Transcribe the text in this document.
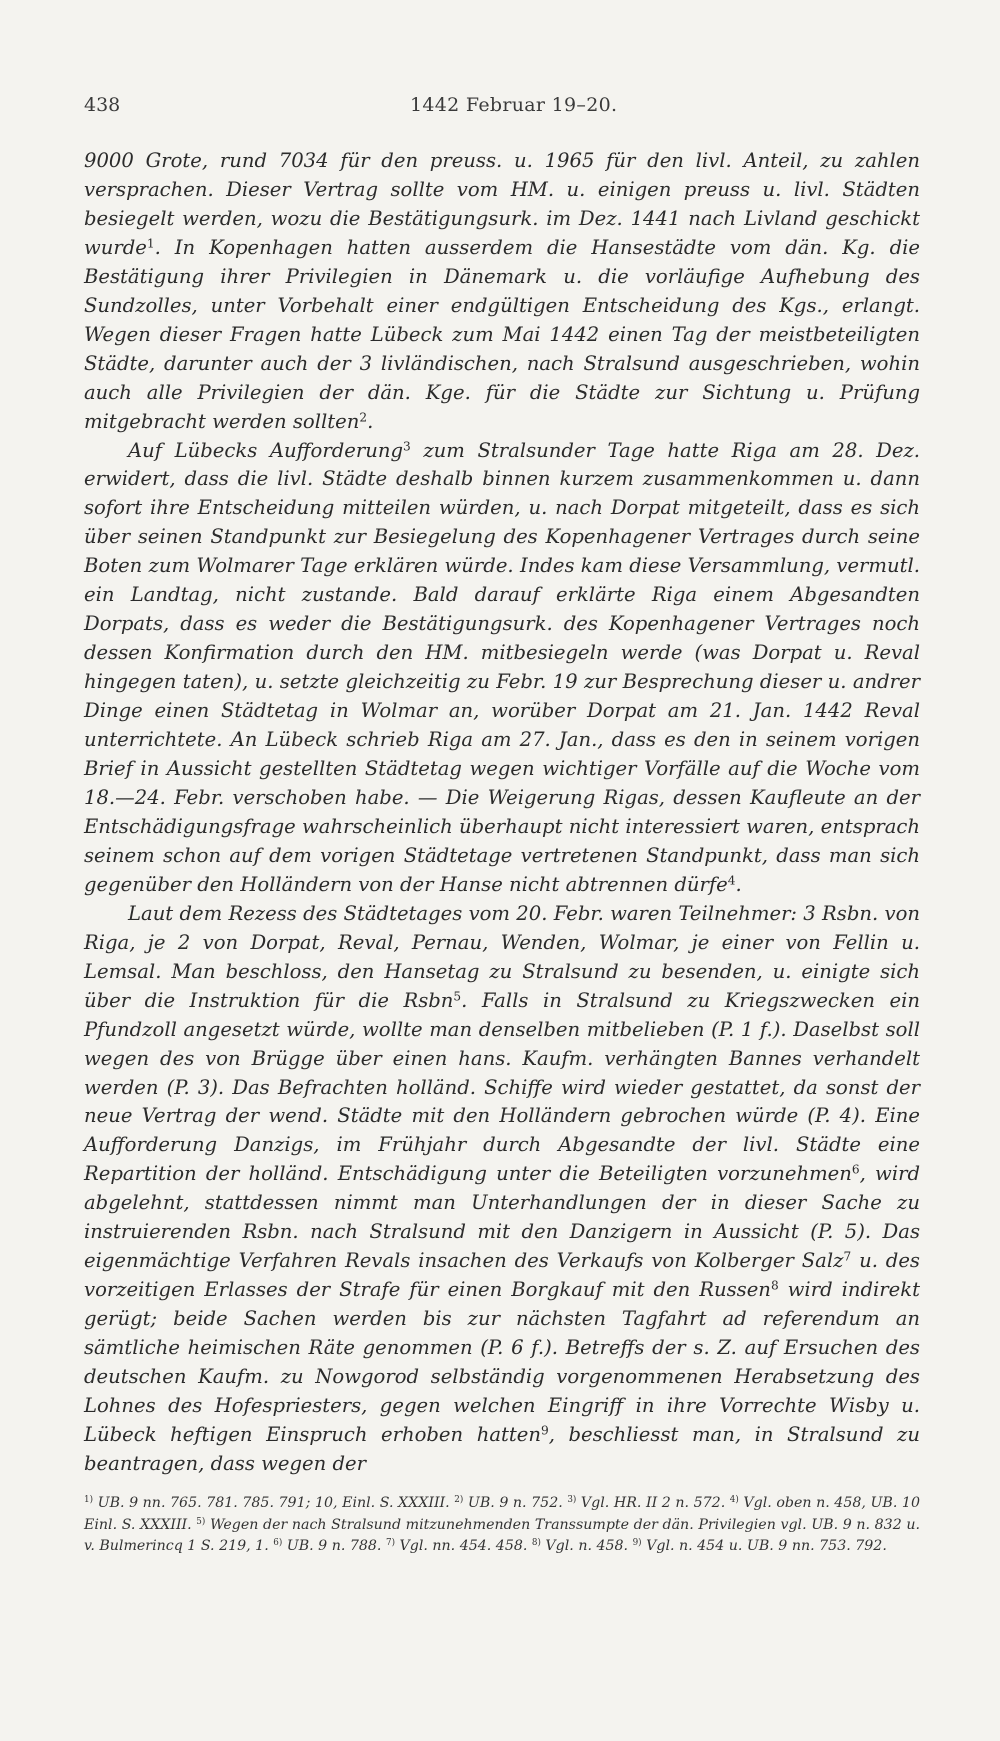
438	1442 Februar 19–20.

9000 Grote, rund 7034 für den preuss. u. 1965 für den livl. Anteil, zu zahlen versprachen. Dieser Vertrag sollte vom HM. u. einigen preuss u. livl. Städten besiegelt werden, wozu die Bestätigungsurk. im Dez. 1441 nach Livland geschickt wurde$^1$. In Kopenhagen hatten ausserdem die Hansestädte vom dän. Kg. die Bestätigung ihrer Privilegien in Dänemark u. die vorläufige Aufhebung des Sundzolles, unter Vorbehalt einer endgültigen Entscheidung des Kgs., erlangt. Wegen dieser Fragen hatte Lübeck zum Mai 1442 einen Tag der meistbeteiligten Städte, darunter auch der 3 livländischen, nach Stralsund ausgeschrieben, wohin auch alle Privilegien der dän. Kge. für die Städte zur Sichtung u. Prüfung mitgebracht werden sollten$^2$.

Auf Lübecks Aufforderung$^3$ zum Stralsunder Tage hatte Riga am 28. Dez. erwidert, dass die livl. Städte deshalb binnen kurzem zusammenkommen u. dann sofort ihre Entscheidung mitteilen würden, u. nach Dorpat mitgeteilt, dass es sich über seinen Standpunkt zur Besiegelung des Kopenhagener Vertrages durch seine Boten zum Wolmarer Tage erklären würde. Indes kam diese Versammlung, vermutl. ein Landtag, nicht zustande. Bald darauf erklärte Riga einem Abgesandten Dorpats, dass es weder die Bestätigungsurk. des Kopenhagener Vertrages noch dessen Konfirmation durch den HM. mitbesiegeln werde (was Dorpat u. Reval hingegen taten), u. setzte gleichzeitig zu Febr. 19 zur Besprechung dieser u. andrer Dinge einen Städtetag in Wolmar an, worüber Dorpat am 21. Jan. 1442 Reval unterrichtete. An Lübeck schrieb Riga am 27. Jan., dass es den in seinem vorigen Brief in Aussicht gestellten Städtetag wegen wichtiger Vorfälle auf die Woche vom 18.—24. Febr. verschoben habe. — Die Weigerung Rigas, dessen Kaufleute an der Entschädigungsfrage wahrscheinlich überhaupt nicht interessiert waren, entsprach seinem schon auf dem vorigen Städtetage vertretenen Standpunkt, dass man sich gegenüber den Holländern von der Hanse nicht abtrennen dürfe$^4$.

Laut dem Rezess des Städtetages vom 20. Febr. waren Teilnehmer: 3 Rsbn. von Riga, je 2 von Dorpat, Reval, Pernau, Wenden, Wolmar, je einer von Fellin u. Lemsal. Man beschloss, den Hansetag zu Stralsund zu besenden, u. einigte sich über die Instruktion für die Rsbn$^5$. Falls in Stralsund zu Kriegszwecken ein Pfundzoll angesetzt würde, wollte man denselben mitbelieben (P. 1 f.). Daselbst soll wegen des von Brügge über einen hans. Kaufm. verhängten Bannes verhandelt werden (P. 3). Das Befrachten holländ. Schiffe wird wieder gestattet, da sonst der neue Vertrag der wend. Städte mit den Holländern gebrochen würde (P. 4). Eine Aufforderung Danzigs, im Frühjahr durch Abgesandte der livl. Städte eine Repartition der holländ. Entschädigung unter die Beteiligten vorzunehmen$^6$, wird abgelehnt, stattdessen nimmt man Unterhandlungen der in dieser Sache zu instruierenden Rsbn. nach Stralsund mit den Danzigern in Aussicht (P. 5). Das eigenmächtige Verfahren Revals insachen des Verkaufs von Kolberger Salz$^7$ u. des vorzeitigen Erlasses der Strafe für einen Borgkauf mit den Russen$^8$ wird indirekt gerügt; beide Sachen werden bis zur nächsten Tagfahrt ad referendum an sämtliche heimischen Räte genommen (P. 6 f.). Betreffs der s. Z. auf Ersuchen des deutschen Kaufm. zu Nowgorod selbständig vorgenommenen Herabsetzung des Lohnes des Hofespriesters, gegen welchen Eingriff in ihre Vorrechte Wisby u. Lübeck heftigen Einspruch erhoben hatten$^9$, beschliesst man, in Stralsund zu beantragen, dass wegen der

$^{1)}$ UB. 9 nn. 765. 781. 785. 791; 10, Einl. S. XXXIII. $^{2)}$ UB. 9 n. 752. $^{3)}$ Vgl. HR. II 2 n. 572. $^{4)}$ Vgl. oben n. 458, UB. 10 Einl. S. XXXIII. $^{5)}$ Wegen der nach Stralsund mitzunehmenden Transsumpte der dän. Privilegien vgl. UB. 9 n. 832 u. v. Bulmerincq 1 S. 219, 1. $^{6)}$ UB. 9 n. 788. $^{7)}$ Vgl. nn. 454. 458. $^{8)}$ Vgl. n. 458. $^{9)}$ Vgl. n. 454 u. UB. 9 nn. 753. 792.
